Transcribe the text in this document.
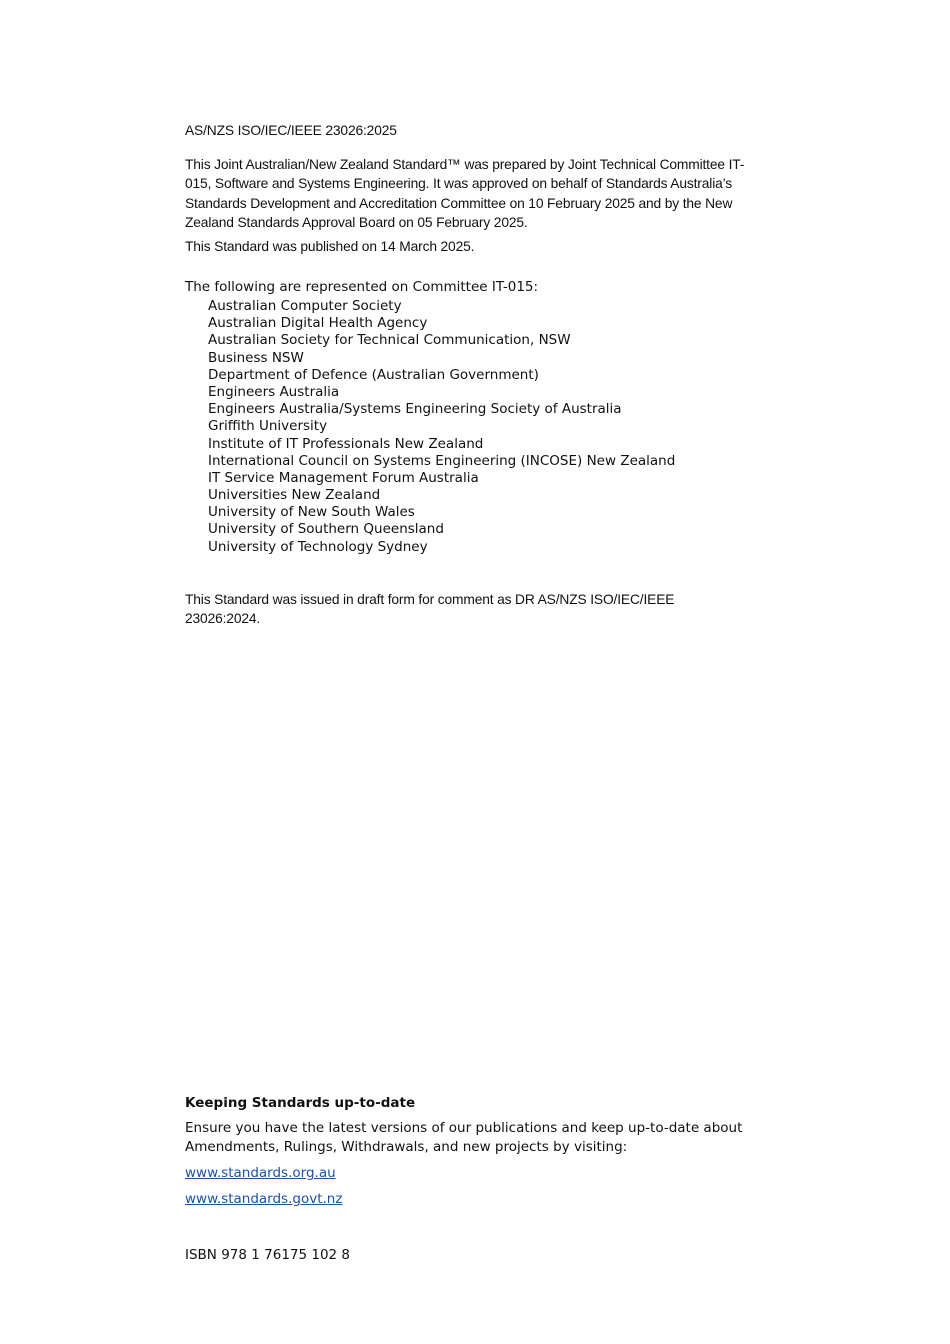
AS/NZS ISO/IEC/IEEE 23026:2025

This Joint Australian/New Zealand Standard™ was prepared by Joint Technical Committee IT-015, Software and Systems Engineering. It was approved on behalf of Standards Australia’s Standards Development and Accreditation Committee on 10 February 2025 and by the New Zealand Standards Approval Board on 05 February 2025.

This Standard was published on 14 March 2025.

The following are represented on Committee IT-015:

Australian Computer Society
Australian Digital Health Agency
Australian Society for Technical Communication, NSW
Business NSW
Department of Defence (Australian Government)
Engineers Australia
Engineers Australia/Systems Engineering Society of Australia
Griffith University
Institute of IT Professionals New Zealand
International Council on Systems Engineering (INCOSE) New Zealand
IT Service Management Forum Australia
Universities New Zealand
University of New South Wales
University of Southern Queensland
University of Technology Sydney

This Standard was issued in draft form for comment as DR AS/NZS ISO/IEC/IEEE 23026:2024.

Keeping Standards up-to-date

Ensure you have the latest versions of our publications and keep up-to-date about Amendments, Rulings, Withdrawals, and new projects by visiting:

www.standards.org.au
www.standards.govt.nz

ISBN 978 1 76175 102 8
